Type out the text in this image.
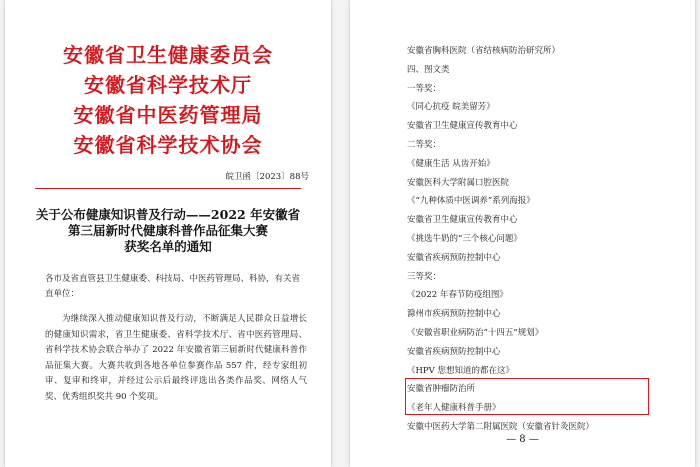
安徽省卫生健康委员会
安徽省科学技术厅
安徽省中医药管理局
安徽省科学技术协会
皖卫函〔2023〕88号
关于公布健康知识普及行动——2022 年安徽省
第三届新时代健康科普作品征集大赛
获奖名单的通知
各市及省直管县卫生健康委、科技局、中医药管理局、科协，有关省直单位：
为继续深入推动健康知识普及行动，不断满足人民群众日益增长的健康知识需求，省卫生健康委、省科学技术厅、省中医药管理局、省科学技术协会联合举办了 2022 年安徽省第三届新时代健康科普作品征集大赛。大赛共收到各地各单位参赛作品 557 件，经专家组初审、复审和终审，并经过公示后最终评选出各类作品奖、网络人气奖、优秀组织奖共 90 个奖项。
安徽省胸科医院（省结核病防治研究所）
四、图文类
一等奖：
《同心抗疫 皖美留芳》
安徽省卫生健康宣传教育中心
二等奖：
《健康生活 从齿开始》
安徽医科大学附属口腔医院
《“九种体质中医调养”系列海报》
安徽省卫生健康宣传教育中心
《挑选牛奶的“三个核心问题》
安徽省疾病预防控制中心
三等奖：
《2022 年春节防疫组图》
滁州市疾病预防控制中心
《安徽省职业病防治“十四五”规划》
安徽省疾病预防控制中心
《HPV 您想知道的都在这》
安徽省肿瘤防治所
《老年人健康科普手册》
安徽中医药大学第二附属医院（安徽省针灸医院）
— 8 —
